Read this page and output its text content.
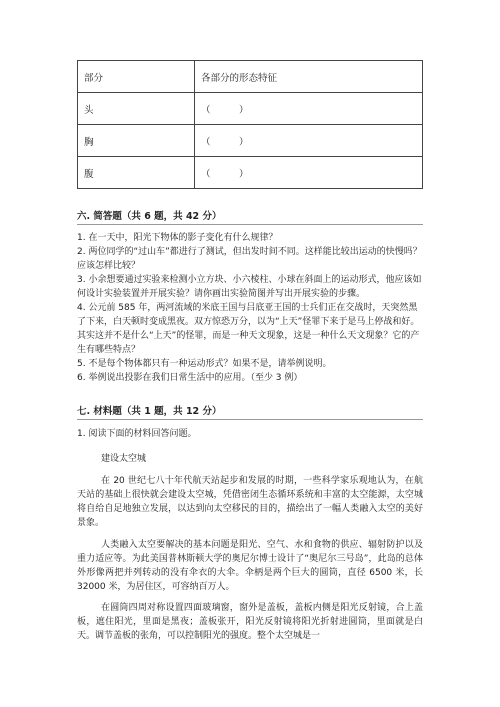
部分	各部分的形态特征
头	（　　　）
胸	（　　　）
腹	（　　　）
六. 简答题（共 6 题，共 42 分）
1. 在一天中，阳光下物体的影子变化有什么规律？
2. 两位同学的“过山车”都进行了测试，但出发时间不同。这样能比较出运动的快慢吗？应该怎样比较？
3. 小余想要通过实验来检测小立方块、小六棱柱、小球在斜面上的运动形式，他应该如何设计实验装置并开展实验？请你画出实验简图并写出开展实验的步骤。
4. 公元前 585 年，两河流域的米底王国与吕底亚王国的士兵们正在交战时，天突然黑了下来，白天顿时变成黑夜。双方惊恐万分，以为“上天”怪罪下来于是马上停战和好。其实这并不是什么“上天”的怪罪，而是一种天文现象，这是一种什么天文现象？它的产生有哪些特点？
5. 不是每个物体都只有一种运动形式？如果不是，请举例说明。
6. 举例说出投影在我们日常生活中的应用。（至少 3 例）
七. 材料题（共 1 题，共 12 分）
1. 阅读下面的材料回答问题。
建设太空城

在 20 世纪七八十年代航天站起步和发展的时期，一些科学家乐观地认为，在航天站的基础上很快就会建设太空城，凭借密闭生态循环系统和丰富的太空能源，太空城将自给自足地独立发展，以达到向太空移民的目的，描绘出了一幅人类融入太空的美好景象。

人类融入太空要解决的基本问题是阳光、空气、水和食物的供应、辐射防护以及重力适应等。为此美国普林斯顿大学的奥尼尔博士设计了“奥尼尔三号岛”，此岛的总体外形像两把并列转动的没有伞衣的大伞。伞柄是两个巨大的圆筒，直径 6500 米，长 32000 米，为居住区，可容纳百万人。

在圆筒四周对称设置四面玻璃窗，窗外是盖板，盖板内侧是阳光反射镜，合上盖板，遮住阳光，里面是黑夜；盖板张开，阳光反射镜将阳光折射进圆筒，里面就是白天。调节盖板的张角，可以控制阳光的强度。整个太空城是一
